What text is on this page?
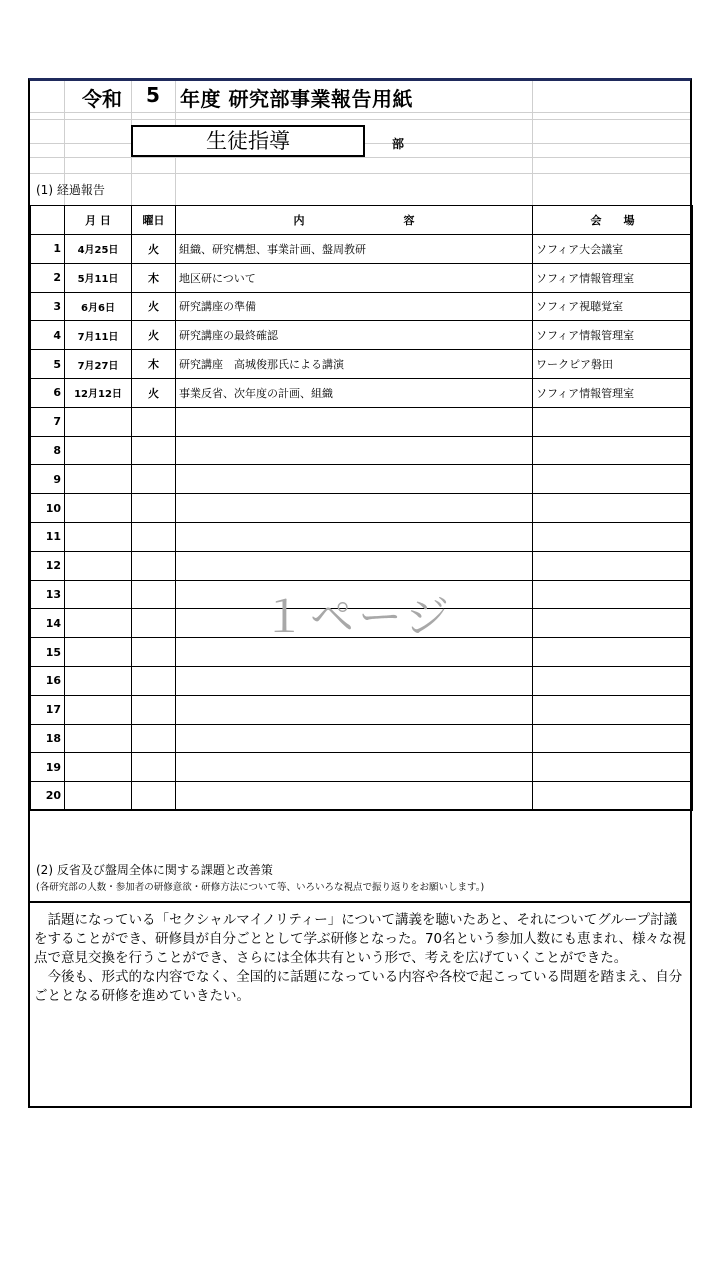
令和 5 年度 研究部事業報告用紙
生徒指導	部
(1) 経過報告
	月 日	曜日	内　　　　　　　　　容	会　　場
1	4月25日	火	組織、研究構想、事業計画、盤周教研	ソフィア大会議室
2	5月11日	木	地区研について	ソフィア情報管理室
3	6月6日	火	研究講座の準備	ソフィア視聴覚室
4	7月11日	火	研究講座の最終確認	ソフィア情報管理室
5	7月27日	木	研究講座　高城俊那氏による講演	ワークピア磐田
6	12月12日	火	事業反省、次年度の計画、組織	ソフィア情報管理室
7				
8				
9				
10				
11				
12				
13				
14				
15				
16				
17				
18				
19				
20				
１ページ
(2) 反省及び盤周全体に関する課題と改善策
(各研究部の人数・参加者の研修意欲・研修方法について等、いろいろな視点で振り返りをお願いします。)

話題になっている「セクシャルマイノリティー」について講義を聴いたあと、それについてグループ討議をすることができ、研修員が自分ごととして学ぶ研修となった。70名という参加人数にも恵まれ、様々な視点で意見交換を行うことができ、さらには全体共有という形で、考えを広げていくことができた。

今後も、形式的な内容でなく、全国的に話題になっている内容や各校で起こっている問題を踏まえ、自分ごととなる研修を進めていきたい。
